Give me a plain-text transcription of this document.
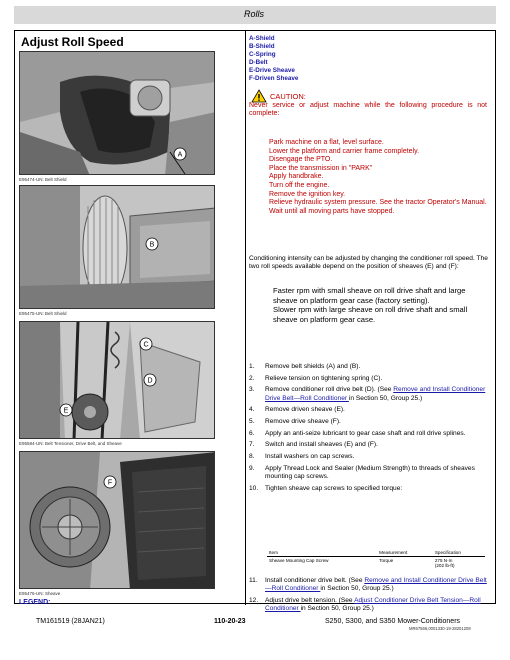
Rolls
Adjust Roll Speed
E95474-UN: Belt Shield
A
E95475-UN: Belt Shield
B
E95584-UN: Belt Tensioner, Drive Belt, and Sheave
C
D
E
E95476-UN: Sheave
F
LEGEND:
A-Shield
B-Shield
C-Spring
D-Belt
E-Drive Sheave
F-Driven Sheave
CAUTION:
Never service or adjust machine while the following procedure is not complete:
Park machine on a flat, level surface.
Lower the platform and carrier frame completely.
Disengage the PTO.
Place the transmission in "PARK"
Apply handbrake.
Turn off the engine.
Remove the ignition key.
Relieve hydraulic system pressure. See the tractor Operator's Manual.
Wait until all moving parts have stopped.
Conditioning intensity can be adjusted by changing the conditioner roll speed. The two roll speeds available depend on the position of sheaves (E) and (F):
Faster rpm with small sheave on roll drive shaft and large sheave on platform gear case (factory setting).
Slower rpm with large sheave on roll drive shaft and small sheave on platform gear case.
1.	Remove belt shields (A) and (B).
2.	Relieve tension on tightening spring (C).
3.	Remove conditioner roll drive belt (D). (See Remove and Install Conditioner Drive Belt—Roll Conditioner in Section 50, Group 25.)
4.	Remove driven sheave (E).
5.	Remove drive sheave (F).
6.	Apply an anti-seize lubricant to gear case shaft and roll drive splines.
7.	Switch and install sheaves (E) and (F).
8.	Install washers on cap screws.
9.	Apply Thread Lock and Sealer (Medium Strength) to threads of sheaves mounting cap screws.
10.	Tighten sheave cap screws to specified torque:
Item	Measurement	Specification
Sheave Mounting Cap Screw	Torque	275 N·m
(202 lb-ft)
11.	Install conditioner drive belt. (See Remove and Install Conditioner Drive Belt—Roll Conditioner in Section 50, Group 25.)
12.	Adjust drive belt tension. (See Adjust Conditioner Drive Belt Tension—Roll Conditioner in Section 50, Group 25.)
MR67566,0001330-19-28201208
TM161519 (28JAN21)	110-20-23	S250, S300, and S350 Mower-Conditioners
